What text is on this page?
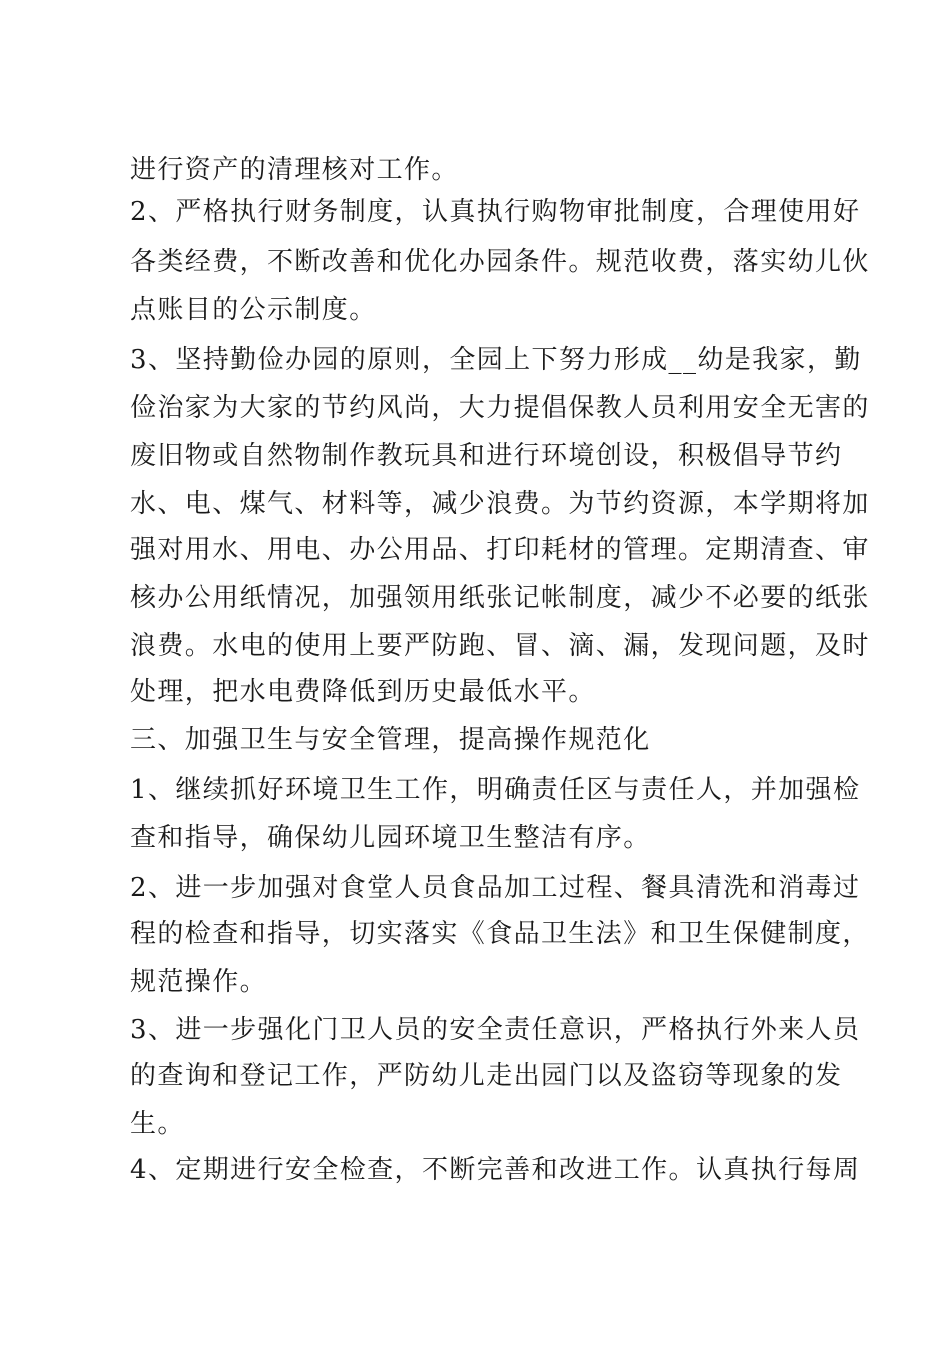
进行资产的清理核对工作。
2、严格执行财务制度，认真执行购物审批制度，合理使用好
各类经费，不断改善和优化办园条件。规范收费，落实幼儿伙
点账目的公示制度。
3、坚持勤俭办园的原则，全园上下努力形成__幼是我家，勤
俭治家为大家的节约风尚，大力提倡保教人员利用安全无害的
废旧物或自然物制作教玩具和进行环境创设，积极倡导节约
水、电、煤气、材料等，减少浪费。为节约资源，本学期将加
强对用水、用电、办公用品、打印耗材的管理。定期清查、审
核办公用纸情况，加强领用纸张记帐制度，减少不必要的纸张
浪费。水电的使用上要严防跑、冒、滴、漏，发现问题，及时
处理，把水电费降低到历史最低水平。
三、加强卫生与安全管理，提高操作规范化
1、继续抓好环境卫生工作，明确责任区与责任人，并加强检
查和指导，确保幼儿园环境卫生整洁有序。
2、进一步加强对食堂人员食品加工过程、餐具清洗和消毒过
程的检查和指导，切实落实《食品卫生法》和卫生保健制度，
规范操作。
3、进一步强化门卫人员的安全责任意识，严格执行外来人员
的查询和登记工作，严防幼儿走出园门以及盗窃等现象的发
生。
4、定期进行安全检查，不断完善和改进工作。认真执行每周
